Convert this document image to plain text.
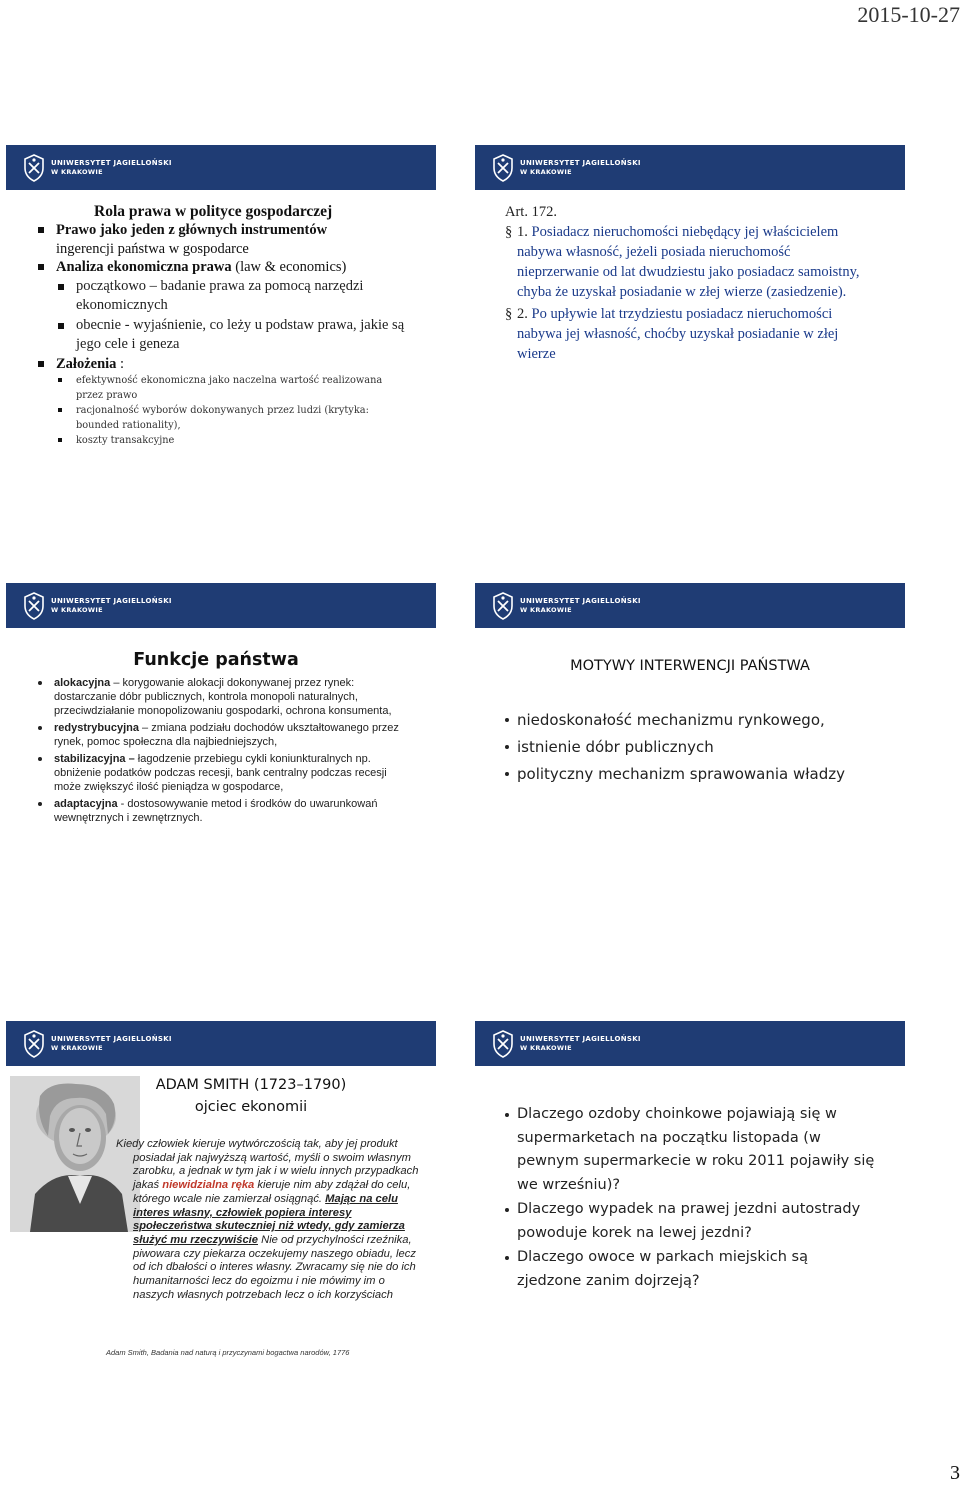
2015-10-27
UNIWERSYTET JAGIELLOŃSKI
W KRAKOWIE
Rola prawa w polityce gospodarczej
Prawo jako jeden z głównych instrumentów
ingerencji państwa w gospodarce
Analiza ekonomiczna prawa (law & economics)
początkowo – badanie prawa za pomocą narzędzi ekonomicznych
obecnie - wyjaśnienie, co leży u podstaw prawa, jakie są jego cele i geneza
Założenia :
efektywność ekonomiczna jako naczelna wartość realizowana przez prawo
racjonalność wyborów dokonywanych przez ludzi (krytyka: bounded rationality),
koszty transakcyjne
UNIWERSYTET JAGIELLOŃSKI
W KRAKOWIE
Art. 172.
§ 1. Posiadacz nieruchomości niebędący jej właścicielem nabywa własność, jeżeli posiada nieruchomość nieprzerwanie od lat dwudziestu jako posiadacz samoistny, chyba że uzyskał posiadanie w złej wierze (zasiedzenie).
§ 2. Po upływie lat trzydziestu posiadacz nieruchomości nabywa jej własność, choćby uzyskał posiadanie w złej wierze
UNIWERSYTET JAGIELLOŃSKI
W KRAKOWIE
Funkcje państwa
alokacyjna – korygowanie alokacji dokonywanej przez rynek: dostarczanie dóbr publicznych, kontrola monopoli naturalnych, przeciwdziałanie monopolizowaniu gospodarki, ochrona konsumenta,
redystrybucyjna – zmiana podziału dochodów ukształtowanego przez rynek, pomoc społeczna dla najbiedniejszych,
stabilizacyjna – łagodzenie przebiegu cykli koniunkturalnych np. obniżenie podatków podczas recesji, bank centralny podczas recesji może zwiększyć ilość pieniądza w gospodarce,
adaptacyjna - dostosowywanie metod i środków do uwarunkowań wewnętrznych i zewnętrznych.
UNIWERSYTET JAGIELLOŃSKI
W KRAKOWIE
MOTYWY INTERWENCJI PAŃSTWA
niedoskonałość mechanizmu rynkowego,
istnienie dóbr publicznych
polityczny mechanizm sprawowania władzy
UNIWERSYTET JAGIELLOŃSKI
W KRAKOWIE
ADAM SMITH (1723–1790)
ojciec ekonomii
Kiedy człowiek kieruje wytwórczością tak, aby jej produkt posiadał jak najwyższą wartość, myśli o swoim własnym zarobku, a jednak w tym jak i w wielu innych przypadkach jakaś niewidzialna ręka kieruje nim aby zdążał do celu, którego wcale nie zamierzał osiągnąć. Mając na celu interes własny, człowiek popiera interesy społeczeństwa skuteczniej niż wtedy, gdy zamierza służyć mu rzeczywiście Nie od przychylności rzeźnika, piwowara czy piekarza oczekujemy naszego obiadu, lecz od ich dbałości o interes własny. Zwracamy się nie do ich humanitarności lecz do egoizmu i nie mówimy im o naszych własnych potrzebach lecz o ich korzyściach
Adam Smith, Badania nad naturą i przyczynami bogactwa narodów, 1776
UNIWERSYTET JAGIELLOŃSKI
W KRAKOWIE
Dlaczego ozdoby choinkowe pojawiają się w supermarketach na początku listopada (w pewnym supermarkecie w roku 2011 pojawiły się we wrześniu)?
Dlaczego wypadek na prawej jezdni autostrady powoduje korek na lewej jezdni?
Dlaczego owoce w parkach miejskich są zjedzone zanim dojrzeją?
3
